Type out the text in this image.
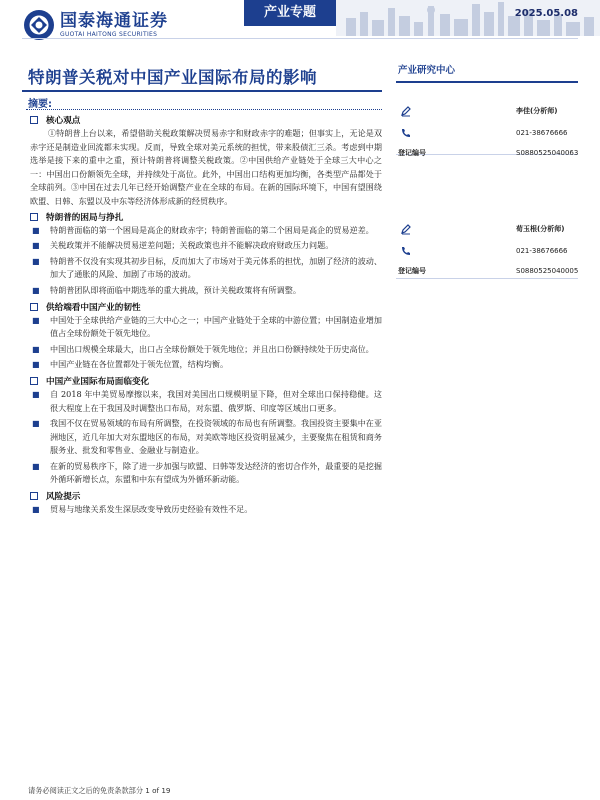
国泰海通证券
GUOTAI HAITONG SECURITIES
产业专题	2025.05.08
特朗普关税对中国产业国际布局的影响
摘要:
核心观点

①特朗普上台以来，希望借助关税政策解决贸易赤字和财政赤字的难题；但事实上，无论是双赤字还是制造业回流都未实现。反而，导致全球对美元系统的担忧，带来股债汇三杀。考虑到中期选举是接下来的重中之重，预计特朗普将调整关税政策。②中国供给产业链处于全球三大中心之一：中国出口份额领先全球，并持续处于高位。此外，中国出口结构更加均衡，各类型产品都处于全球前列。③中国在过去几年已经开始调整产业在全球的布局。在新的国际环境下，中国有望围绕欧盟、日韩、东盟以及中东等经济体形成新的经贸秩序。

特朗普的困局与挣扎
■	特朗普面临的第一个困局是高企的财政赤字；特朗普面临的第二个困局是高企的贸易逆差。
■	关税政策并不能解决贸易逆差问题；关税政策也并不能解决政府财政压力问题。
■	特朗普不仅没有实现其初步目标，反而加大了市场对于美元体系的担忧，加剧了经济的波动、加大了通胀的风险、加剧了市场的波动。
■	特朗普团队即将面临中期选举的重大挑战，预计关税政策将有所调整。
供给端看中国产业的韧性
■	中国处于全球供给产业链的三大中心之一；中国产业链处于全球的中游位置；中国制造业增加值占全球份额处于领先地位。
■	中国出口规模全球最大，出口占全球份额处于领先地位；并且出口份额持续处于历史高位。
■	中国产业链在各位置都处于领先位置，结构均衡。
中国产业国际布局面临变化
■	自 2018 年中美贸易摩擦以来，我国对美国出口规模明显下降，但对全球出口保持稳健。这很大程度上在于我国及时调整出口布局，对东盟、俄罗斯、印度等区域出口更多。
■	我国不仅在贸易领域的布局有所调整，在投资领域的布局也有所调整。我国投资主要集中在亚洲地区，近几年加大对东盟地区的布局，对美欧等地区投资明显减少，主要聚焦在租赁和商务服务业、批发和零售业、金融业与制造业。
■	在新的贸易秩序下，除了进一步加强与欧盟、日韩等发达经济的密切合作外，最重要的是挖掘外循环新增长点，东盟和中东有望成为外循环新动能。
风险提示
■	贸易与地缘关系发生深层改变导致历史经验有效性不足。
产业研究中心
李佳(分析师)
021-38676666
登记编号	S0880525040063
荀玉根(分析师)
021-38676666
登记编号	S0880525040005
请务必阅读正文之后的免责条款部分 1 of 19
